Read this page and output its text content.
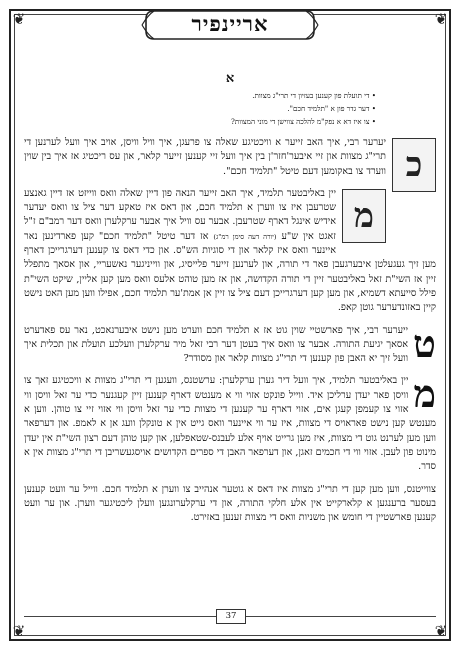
❦	❦
❦	❦
אריינפיר
א
• די תועלת פון קענען בעזיון די תרי"ג מצוות.
• דער גדר פון א "תלמיד חכם".
• צו איז דא א נפק"מ להלכה צווישן די מוני המצוות?
כ
יערער רבי, איך האב זייער א וויכטיגע שאלה צו פרעגן, איך וויל וויסן, אויב איך וועל לערנען די תרי"ג מצוות און זיי איבער'חזר'ן בין איך וועל זיי קענען זייער קלאר, און עס ריכטיג אז איך בין שוין ווערד צו באקומען דעם טיטל "תלמיד חכם".
מ
יין באליבטער תלמיד, איך האב זייער הנאה פון דיין שאלה וואס ווייזט אז דיין גאנצע שטרעבן איז צו ווערן א תלמיד חכם, און דאס איז טאקע דער ציל צו וואס יעדער אידיש אינגל דארף שטרעבן. אבער עס וויל איך אבער ערקלערן וואס דער רמב"ם ז"ל זאגט אין ש"ע (יורה דעה סימן רמ"ג) אז דער טיטל "תלמיד חכם" קען פארדינען נאר איינער וואס איז קלאר און די סוגיות הש"ס. און כדי דאס צו קענען דערגרייכן דארף מען זיך געגעלטן איבערגעבן פאר די תורה, און לערנען זייער פלייסיג, און ווייניגער נאשעריי, און אסאך מתפלל זיין אז השי"ת זאל באליבטער זיין די תורה הקדושה, און אז מען טוהט אלעס וואס מען קען אליין, שיקט השי"ת פילל סייעתא דשמיא, און מען קען דערגרייכן דעם ציל צו זיין אן אמת'ער תלמיד חכם, אפילו ווען מען האט נישט קיין באזונדערער גוטן קאפ.
ט
ייערער רבי, איך פארשטיי שוין גוט אז א תלמיד חכם ווערט מען נישט איבערנאכט, נאר עס פאדערט אסאך יגיעת התורה. אבער צו וואס איך בעטן דער רבי זאל מיר ערקלערן וועלכע תועלת און תכלית איך וועל זיך יא האבן פון קענען די תרי"ג מצוות קלאר און מסודר?
מ
יין באליבטער תלמיד, איך וועל דיר גערן ערקלערן: ערשטנס, וועגען די תרי"ג מצוות א וויכטיגע זאך צו וויסן פאר יעדן ערליכן איד. ווייל פונקט אזוי ווי א מענטש דארף קענען זיין קעגנער כדי ער זאל וויסן ווי אזוי צו קעמפן קעגן אים, אזוי דארף ער קענען די מצוות כדי ער זאל וויסן ווי אזוי זיי צו טוהן. ווען א מענטש קען נישט פאראויס די מצוות, איז ער ווי איינער וואס גייט אין א טונקלן וועג אן א לאמפ. און דערפאר ווען מען לערנט גוט די מצוות, איז מען גרייט אויף אלע לעבנס-שטאפלען, און קען טוהן דעם רצון השי"ת אין יעדן מינוט פון לעבן. אזוי ווי די חכמים זאגן, און דערפאר האבן די ספרים הקדושים אויסגעשריבן די תרי"ג מצוות אין א סדר.
צווייטנס, ווען מען קען די תרי"ג מצוות איז דאס א גוטער אנהייב צו ווערן א תלמיד חכם. ווייל ער וועט קענען בעסער ברענגען א קלארקייט אין אלע חלקי התורה, און די ערקלערונגען וועלן ליכטיגער ווערן. און ער וועט קענען פארשטיין די חומש און משניות וואס די מצוות זענען באזירט.
37
